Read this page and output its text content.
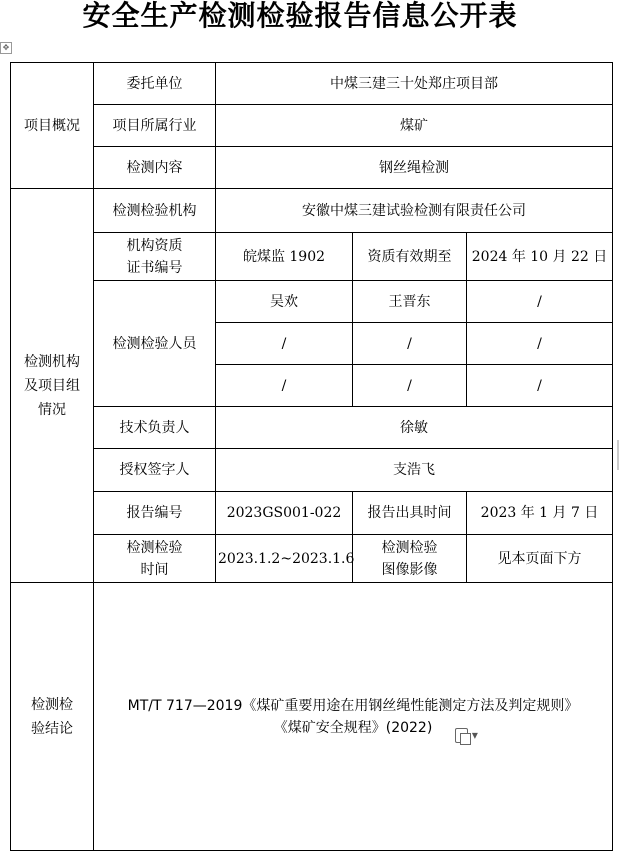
安全生产检测检验报告信息公开表
✥
项目概况	委托单位	中煤三建三十处郑庄项目部		
	项目所属行业	煤矿		
	检测内容	钢丝绳检测		

检测机构及项目组情况	检测检验机构	安徽中煤三建试验检测有限责任公司		

	机构资质证书编号	皖煤监 1902	资质有效期至	2024 年 10 月 22 日
	检测检验人员	吴欢	王晋东	/
		/	/	/
		/	/	/
	技术负责人	徐敏		
	授权签字人	支浩飞		
	报告编号	2023GS001-022	报告出具时间	2023 年 1 月 7 日

	检测检验时间	2023.1.2~2023.1.6	检测检验图像影像	见本页面下方

检测检验结论	MT/T 717—2019《煤矿重要用途在用钢丝绳性能测定方法及判定规则》
《煤矿安全规程》(2022)				▾
